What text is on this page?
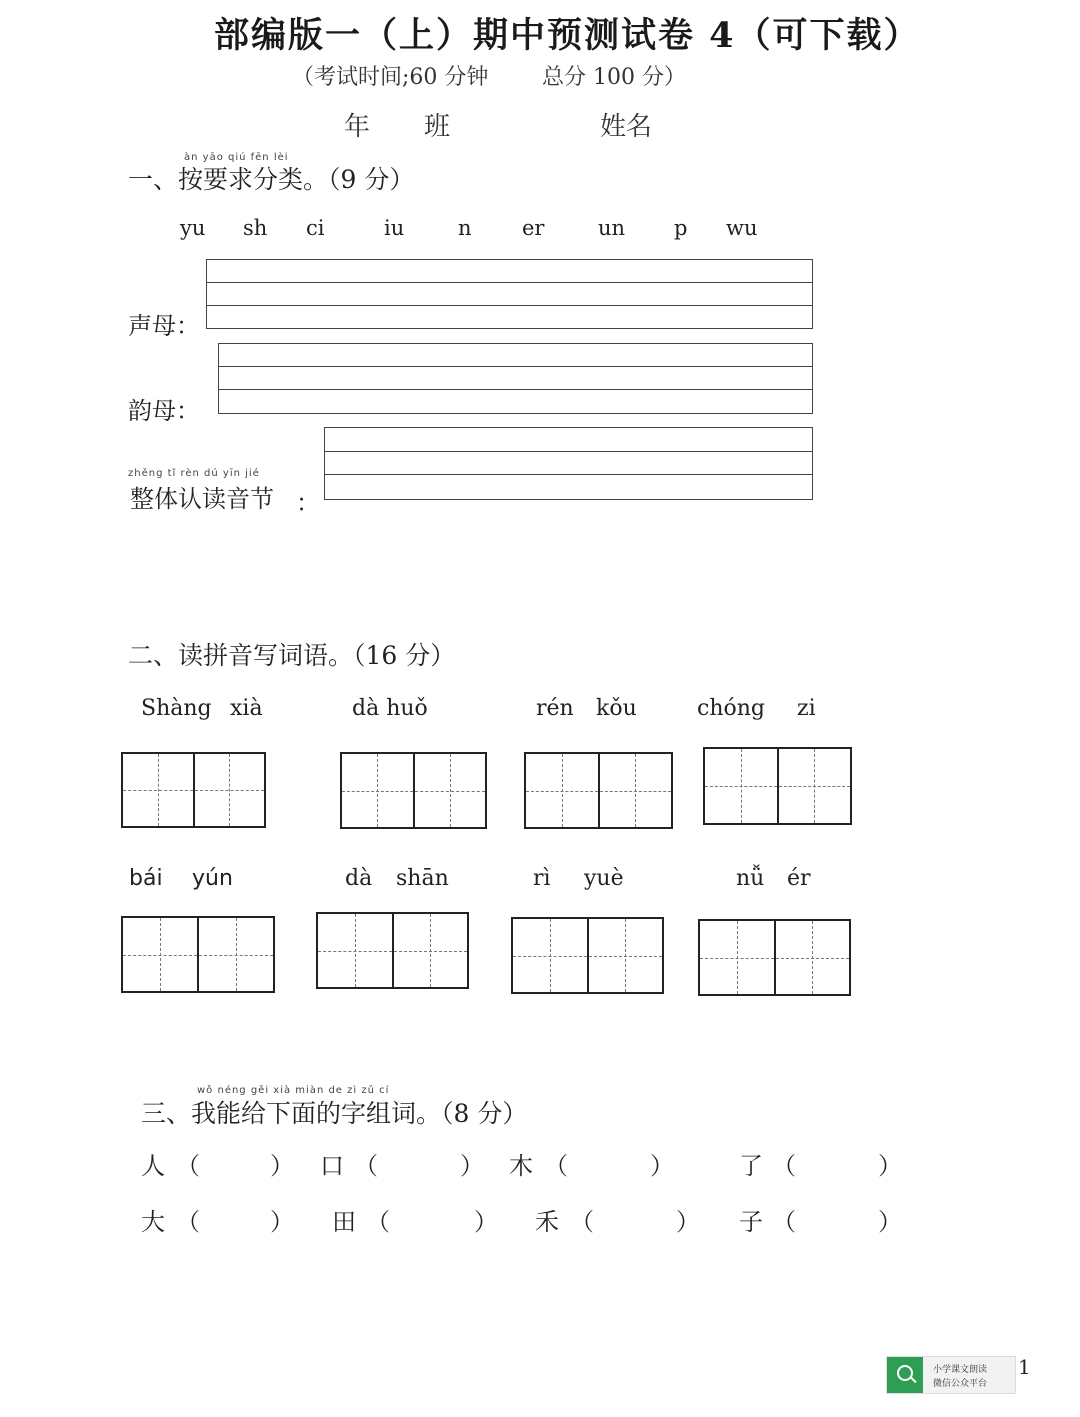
部编版一（上）期中预测试卷 4（可下载）
（考试时间;60 分钟 总分 100 分）
年 班	姓名
àn yāo qiú fēn lèi
一、按要求分类。（9 分）
yu sh ci	iu	n er	un p wu
声母：
韵母：
zhěng tǐ rèn dú yīn jié
整体认读音节 ：
二、读拼音写词语。（16 分）
Shàng xià	dà huǒ	rén kǒu	chóng zi
bái yún	dà shān	rì yuè	nǚ ér
wǒ néng gěi xià miàn de zì zǔ cí
三、我能给下面的字组词。（8 分）
人 （	） 口 （	） 木 （	）	了 （	）
大 （	） 田 （	） 禾 （	） 子 （	）
小学课文朗读
微信公众平台
1
